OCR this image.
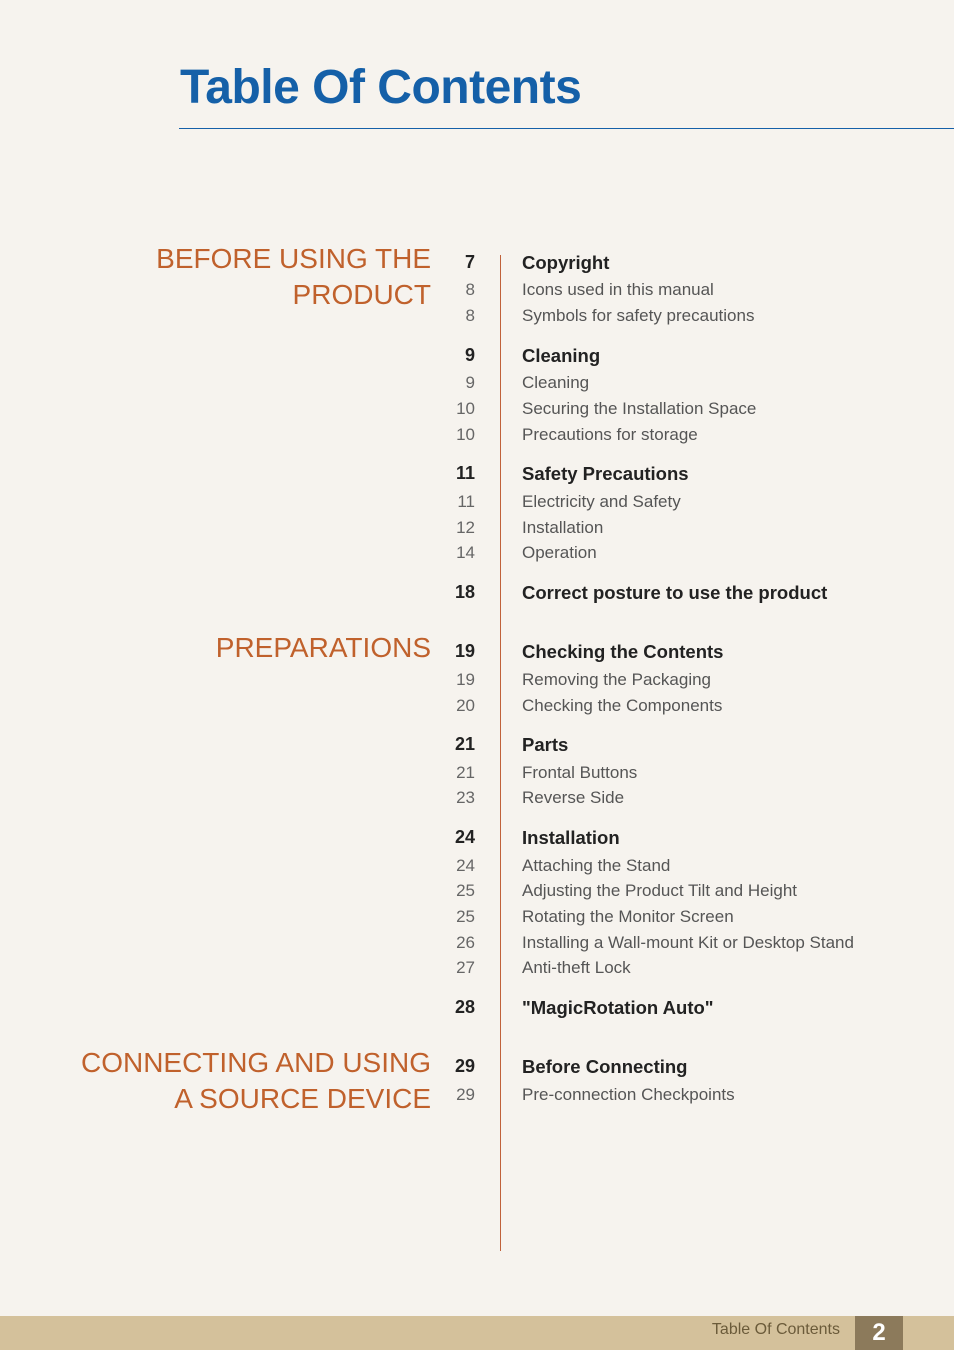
Table Of Contents
BEFORE USING THE
PRODUCT
PREPARATIONS
CONNECTING AND USING
A SOURCE DEVICE
7	Copyright
8	Icons used in this manual
8	Symbols for safety precautions
9	Cleaning
9	Cleaning
10	Securing the Installation Space
10	Precautions for storage
11	Safety Precautions
11	Electricity and Safety
12	Installation
14	Operation
18	Correct posture to use the product
19	Checking the Contents
19	Removing the Packaging
20	Checking the Components
21	Parts
21	Frontal Buttons
23	Reverse Side
24	Installation
24	Attaching the Stand
25	Adjusting the Product Tilt and Height
25	Rotating the Monitor Screen
26	Installing a Wall-mount Kit or Desktop Stand
27	Anti-theft Lock
28	"MagicRotation Auto"
29	Before Connecting
29	Pre-connection Checkpoints
Table Of Contents	2
